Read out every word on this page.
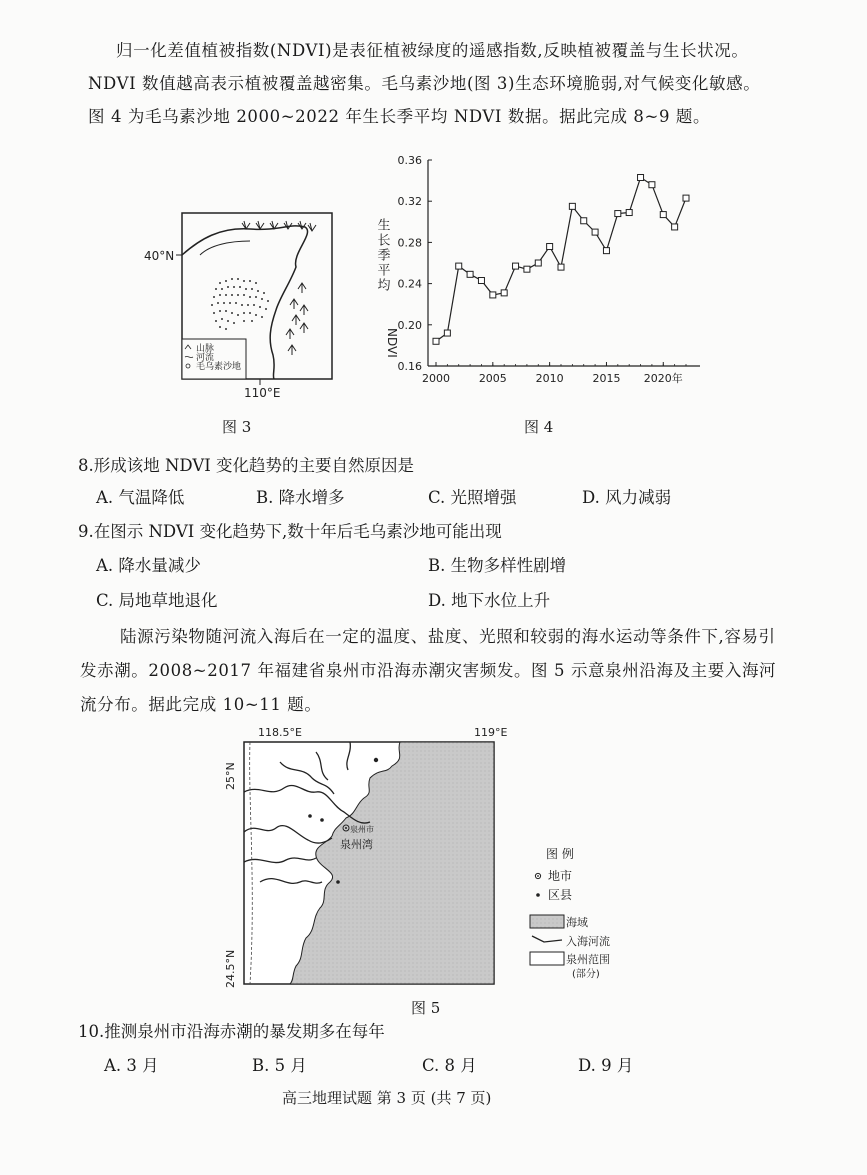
归一化差值植被指数(NDVI)是表征植被绿度的遥感指数,反映植被覆盖与生长状况。
NDVI 数值越高表示植被覆盖越密集。毛乌素沙地(图 3)生态环境脆弱,对气候变化敏感。
图 4 为毛乌素沙地 2000~2022 年生长季平均 NDVI 数据。据此完成 8~9 题。
山脉
河流
毛乌素沙地
40°N
110°E
图 3
0.16
0.20
0.24
0.28
0.32
0.36
2000	2005	2010	2015 2020年
生长季平均
NDVI
图 4
8.形成该地 NDVI 变化趋势的主要自然原因是
A. 气温降低	B. 降水增多	C. 光照增强	D. 风力减弱
9.在图示 NDVI 变化趋势下,数十年后毛乌素沙地可能出现
A. 降水量减少	B. 生物多样性剧增
C. 局地草地退化	D. 地下水位上升
陆源污染物随河流入海后在一定的温度、盐度、光照和较弱的海水运动等条件下,容易引
发赤潮。2008~2017 年福建省泉州市沿海赤潮灾害频发。图 5 示意泉州沿海及主要入海河
流分布。据此完成 10~11 题。
泉州市
泉州湾
118.5°E	119°E
25°N
24.5°N
图 例
地市
区县
海域
入海河流
泉州范围
(部分)
图 5
10.推测泉州市沿海赤潮的暴发期多在每年
A. 3 月	B. 5 月	C. 8 月	D. 9 月
高三地理试题 第 3 页 (共 7 页)
